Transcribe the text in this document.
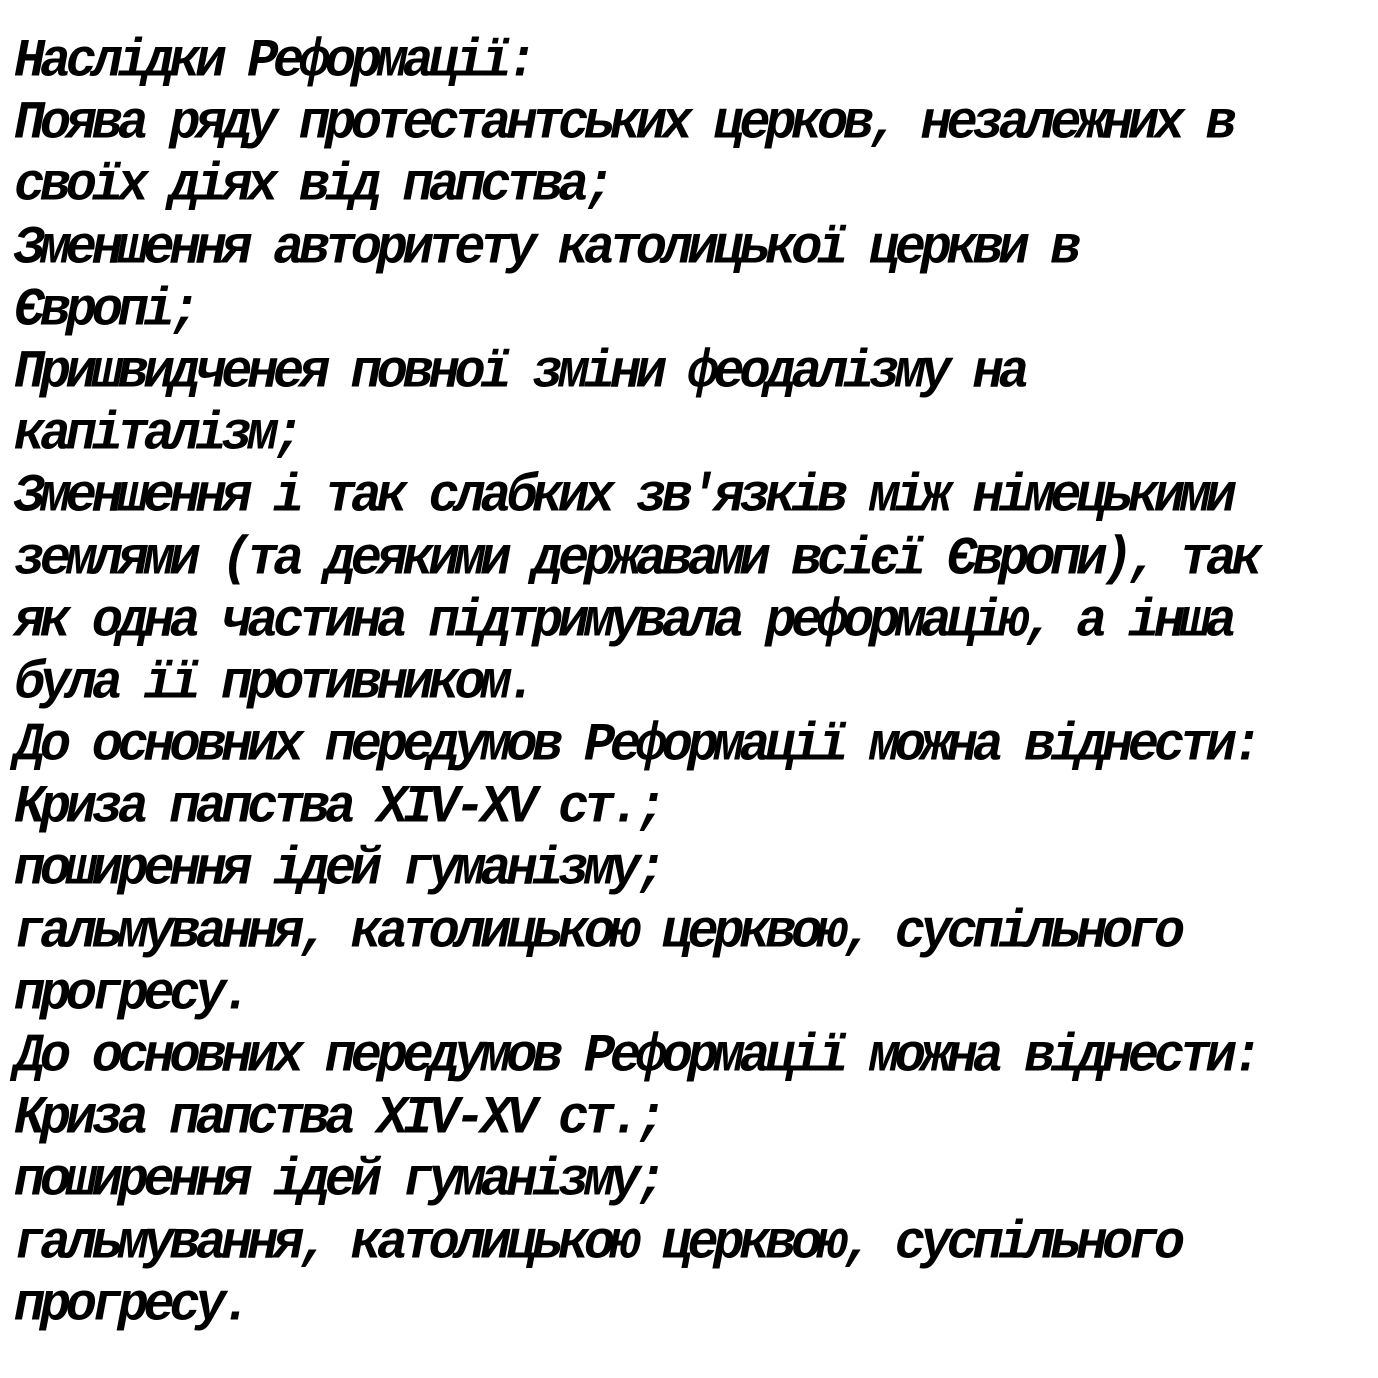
Наслідки Реформації:
Поява ряду протестантських церков, незалежних в
своїх діях від папства;
Зменшення авторитету католицької церкви в
Європі;
Пришвидченея повної зміни феодалізму на
капіталізм;
Зменшення і так слабких зв'язків між німецькими
землями (та деякими державами всієї Європи), так
як одна частина підтримувала реформацію, а інша
була її противником.
До основних передумов Реформації можна віднести:
Криза папства XIV-XV ст.;
поширення ідей гуманізму;
гальмування, католицькою церквою, суспільного
прогресу.
До основних передумов Реформації можна віднести:
Криза папства XIV-XV ст.;
поширення ідей гуманізму;
гальмування, католицькою церквою, суспільного
прогресу.
